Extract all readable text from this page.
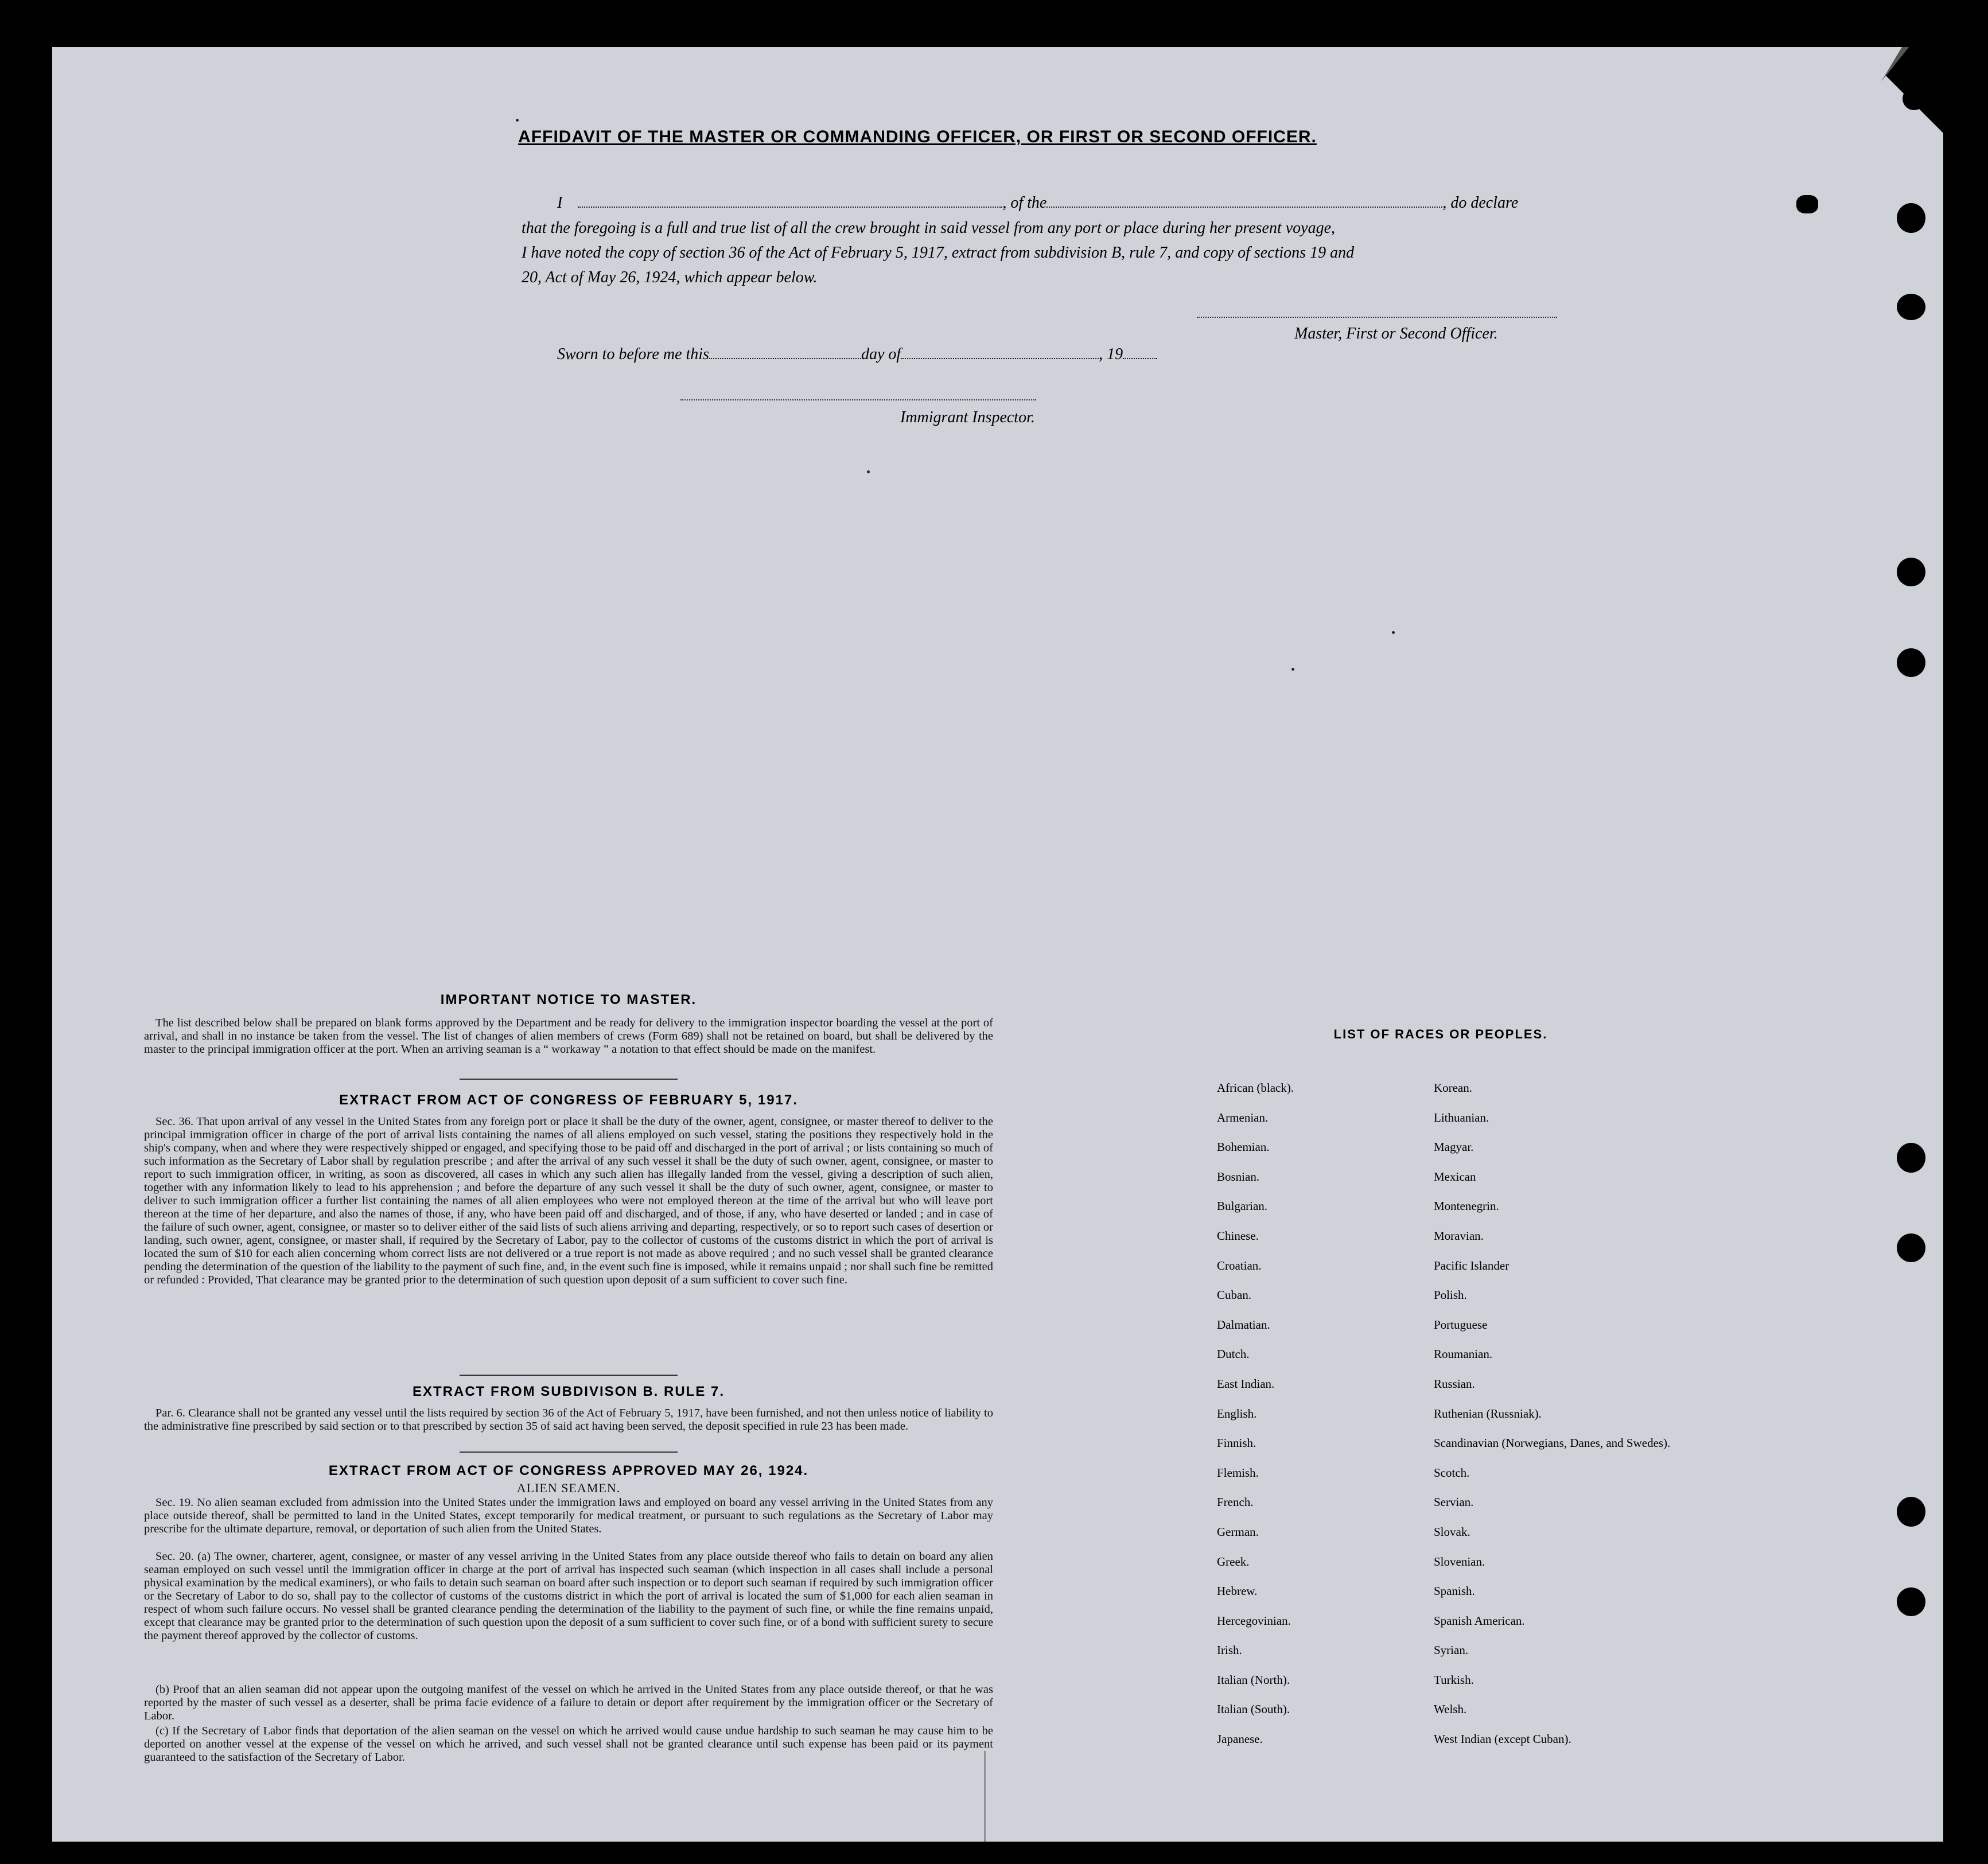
AFFIDAVIT OF THE MASTER OR COMMANDING OFFICER, OR FIRST OR SECOND OFFICER.
I	, of the	, do declare
that the foregoing is a full and true list of all the crew brought in said vessel from any port or place during her present voyage,
I have noted the copy of section 36 of the Act of February 5, 1917, extract from subdivision B, rule 7, and copy of sections 19 and
20, Act of May 26, 1924, which appear below.
Master, First or Second Officer.
Sworn to before me this	day of	, 19
Immigrant Inspector.
IMPORTANT NOTICE TO MASTER.
The list described below shall be prepared on blank forms approved by the Department and be ready for delivery to the immigration inspector boarding the vessel at the port of arrival, and shall in no instance be taken from the vessel. The list of changes of alien members of crews (Form 689) shall not be retained on board, but shall be delivered by the master to the principal immigration officer at the port. When an arriving seaman is a “ workaway ” a notation to that effect should be made on the manifest.
EXTRACT FROM ACT OF CONGRESS OF FEBRUARY 5, 1917.
Sec. 36. That upon arrival of any vessel in the United States from any foreign port or place it shall be the duty of the owner, agent, consignee, or master thereof to deliver to the principal immigration officer in charge of the port of arrival lists containing the names of all aliens employed on such vessel, stating the positions they respectively hold in the ship's company, when and where they were respectively shipped or engaged, and specifying those to be paid off and discharged in the port of arrival ; or lists containing so much of such information as the Secretary of Labor shall by regulation prescribe ; and after the arrival of any such vessel it shall be the duty of such owner, agent, consignee, or master to report to such immigration officer, in writing, as soon as discovered, all cases in which any such alien has illegally landed from the vessel, giving a description of such alien, together with any information likely to lead to his apprehension ; and before the departure of any such vessel it shall be the duty of such owner, agent, consignee, or master to deliver to such immigration officer a further list containing the names of all alien employees who were not employed thereon at the time of the arrival but who will leave port thereon at the time of her departure, and also the names of those, if any, who have been paid off and discharged, and of those, if any, who have deserted or landed ; and in case of the failure of such owner, agent, consignee, or master so to deliver either of the said lists of such aliens arriving and departing, respectively, or so to report such cases of desertion or landing, such owner, agent, consignee, or master shall, if required by the Secretary of Labor, pay to the collector of customs of the customs district in which the port of arrival is located the sum of $10 for each alien concerning whom correct lists are not delivered or a true report is not made as above required ; and no such vessel shall be granted clearance pending the determination of the question of the liability to the payment of such fine, and, in the event such fine is imposed, while it remains unpaid ; nor shall such fine be remitted or refunded : Provided, That clearance may be granted prior to the determination of such question upon deposit of a sum sufficient to cover such fine.
EXTRACT FROM SUBDIVISON B. RULE 7.
Par. 6. Clearance shall not be granted any vessel until the lists required by section 36 of the Act of February 5, 1917, have been furnished, and not then unless notice of liability to the administrative fine prescribed by said section or to that prescribed by section 35 of said act having been served, the deposit specified in rule 23 has been made.
EXTRACT FROM ACT OF CONGRESS APPROVED MAY 26, 1924.
ALIEN SEAMEN.
Sec. 19. No alien seaman excluded from admission into the United States under the immigration laws and employed on board any vessel arriving in the United States from any place outside thereof, shall be permitted to land in the United States, except temporarily for medical treatment, or pursuant to such regulations as the Secretary of Labor may prescribe for the ultimate departure, removal, or deportation of such alien from the United States.
Sec. 20. (a) The owner, charterer, agent, consignee, or master of any vessel arriving in the United States from any place outside thereof who fails to detain on board any alien seaman employed on such vessel until the immigration officer in charge at the port of arrival has inspected such seaman (which inspection in all cases shall include a personal physical examination by the medical examiners), or who fails to detain such seaman on board after such inspection or to deport such seaman if required by such immigration officer or the Secretary of Labor to do so, shall pay to the collector of customs of the customs district in which the port of arrival is located the sum of $1,000 for each alien seaman in respect of whom such failure occurs. No vessel shall be granted clearance pending the determination of the liability to the payment of such fine, or while the fine remains unpaid, except that clearance may be granted prior to the determination of such question upon the deposit of a sum sufficient to cover such fine, or of a bond with sufficient surety to secure the payment thereof approved by the collector of customs.
(b) Proof that an alien seaman did not appear upon the outgoing manifest of the vessel on which he arrived in the United States from any place outside thereof, or that he was reported by the master of such vessel as a deserter, shall be prima facie evidence of a failure to detain or deport after requirement by the immigration officer or the Secretary of Labor.
(c) If the Secretary of Labor finds that deportation of the alien seaman on the vessel on which he arrived would cause undue hardship to such seaman he may cause him to be deported on another vessel at the expense of the vessel on which he arrived, and such vessel shall not be granted clearance until such expense has been paid or its payment guaranteed to the satisfaction of the Secretary of Labor.
LIST OF RACES OR PEOPLES.
African (black).
Armenian.
Bohemian.
Bosnian.
Bulgarian.
Chinese.
Croatian.
Cuban.
Dalmatian.
Dutch.
East Indian.
English.
Finnish.
Flemish.
French.
German.
Greek.
Hebrew.
Hercegovinian.
Irish.
Italian (North).
Italian (South).
Japanese.
Korean.
Lithuanian.
Magyar.
Mexican
Montenegrin.
Moravian.
Pacific Islander
Polish.
Portuguese
Roumanian.
Russian.
Ruthenian (Russniak).
Scandinavian (Norwegians, Danes, and Swedes).
Scotch.
Servian.
Slovak.
Slovenian.
Spanish.
Spanish American.
Syrian.
Turkish.
Welsh.
West Indian (except Cuban).
